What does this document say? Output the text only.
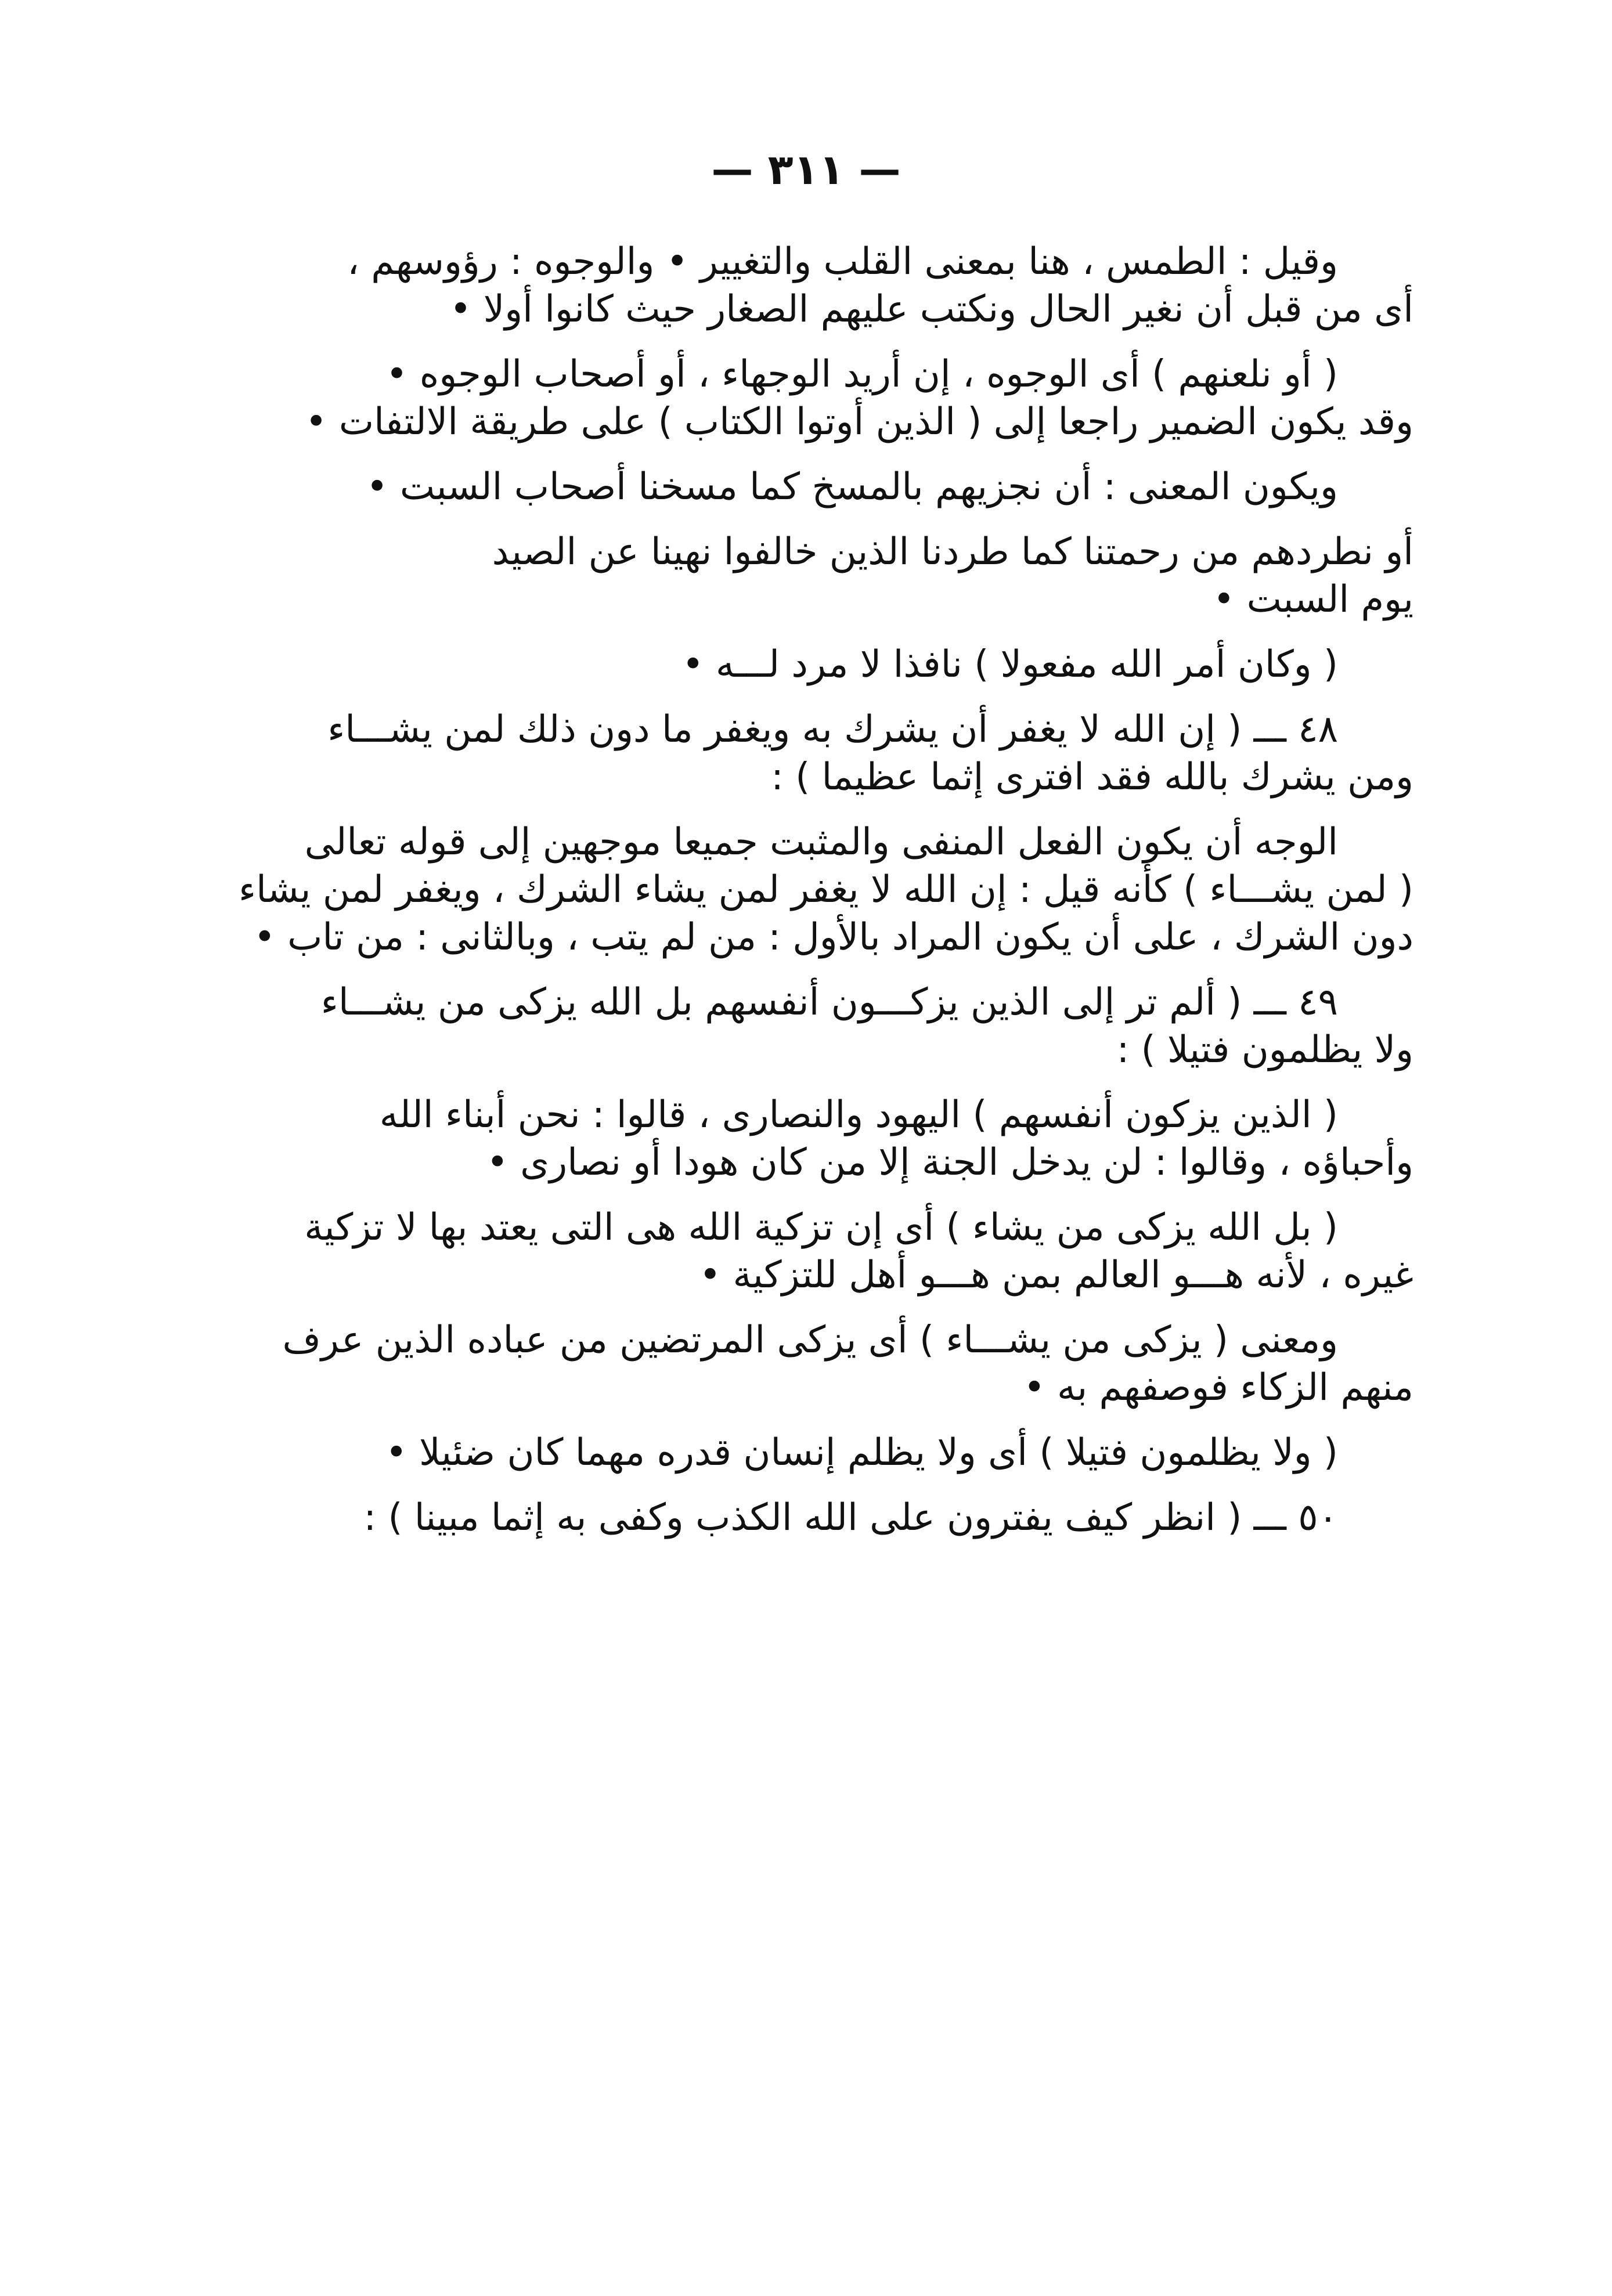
— ٣١١ —

وقيل : الطمس ، هنا بمعنى القلب والتغيير • والوجوه : رؤوسهم ،
أى من قبل أن نغير الحال ونكتب عليهم الصغار حيث كانوا أولا •

( أو نلعنهم ) أى الوجوه ، إن أريد الوجهاء ، أو أصحاب الوجوه •
وقد يكون الضمير راجعا إلى ( الذين أوتوا الكتاب ) على طريقة الالتفات •

ويكون المعنى : أن نجزيهم بالمسخ كما مسخنا أصحاب السبت •

أو نطردهم من رحمتنا كما طردنا الذين خالفوا نهينا عن الصيد
يوم السبت •

( وكان أمر الله مفعولا ) نافذا لا مرد لـــه •

٤٨ ـــ ( إن الله لا يغفر أن يشرك به ويغفر ما دون ذلك لمن يشـــاء
ومن يشرك بالله فقد افترى إثما عظيما ) :

الوجه أن يكون الفعل المنفى والمثبت جميعا موجهين إلى قوله تعالى
( لمن يشـــاء ) كأنه قيل : إن الله لا يغفر لمن يشاء الشرك ، ويغفر لمن يشاء
دون الشرك ، على أن يكون المراد بالأول : من لم يتب ، وبالثانى : من تاب •

٤٩ ـــ ( ألم تر إلى الذين يزكـــون أنفسهم بل الله يزكى من يشـــاء
ولا يظلمون فتيلا ) :

( الذين يزكون أنفسهم ) اليهود والنصارى ، قالوا : نحن أبناء الله
وأحباؤه ، وقالوا : لن يدخل الجنة إلا من كان هودا أو نصارى •

( بل الله يزكى من يشاء ) أى إن تزكية الله هى التى يعتد بها لا تزكية
غيره ، لأنه هـــو العالم بمن هـــو أهل للتزكية •

ومعنى ( يزكى من يشـــاء ) أى يزكى المرتضين من عباده الذين عرف
منهم الزكاء فوصفهم به •

( ولا يظلمون فتيلا ) أى ولا يظلم إنسان قدره مهما كان ضئيلا •

٥٠ ـــ ( انظر كيف يفترون على الله الكذب وكفى به إثما مبينا ) :
